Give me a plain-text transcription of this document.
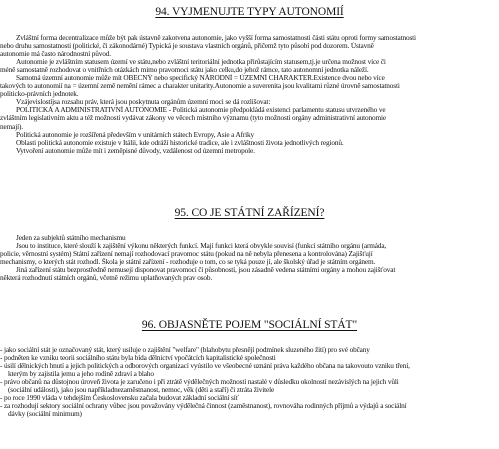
94. VYJMENUJTE TYPY AUTONOMIÍ
Zvláštní forma decentralizace může být pak ústavně zakotvena autonomie, jako vyšší forma samostatnosti části státu oproti formy samostatnosti
nebo druhu samostatnosti (politické, či zákonodárné) Typická je soustava vlastních orgánů, přičemž tyto působí pod dozorem. Ústavně
autonomie má často národnostní původ.
Autonomie je zvláštním statusem území ve státu,nebo zvláštní teritoriální jednotka přirůstajícím statusem,tj.je určena možnost více či
méně samostatně rozhodovat o vnitřních otázkách mimo pravomoci státu jako celku,do jehož rámce, tato autonomní jednotka náleží.
Samotná územní autonomie může mít OBECNÝ nebo specifický NÁRODNÍ = ÚZEMNÍ CHARAKTER.Existence dvou nebo více
takových to autonomií na = územní země nemění rámec a charakter unitarity.Autonomie a suverenita jsou kvalitami různé úrovně samostatnosti
politicko-právních jednotek.
Vzájevislostíjsa rozsahu práv, která jsou poskytnuta orgánům územní moci se dá rozlišovat:
POLITICKÁ A ADMINISTRATIVNÍ AUTONOMIE - Politická autonomie předpokládá existenci parlamentu statusu utvrzeného ve
zvláštním legislativním aktu a též možnosti vydávat zákony ve věcech místního významu (tyto možnosti orgány administrativní autonomie
nemají).
Politická autonomie je rozšířená především v unitárních státech Evropy, Asie a Afriky
Oblasti politická autonomie existuje v Itálii, kde odráží historické tradice, ale i zvláštnosti života jednotlivých regionů.
Vytvoření autonomie může mít i zeměpisné důvody, vzdálenost od územní metropole.
95. CO JE STÁTNÍ ZAŘÍZENÍ?
Jeden za subjektů státního mechanismu
Jsou to instituce, které slouží k zajištění výkonu některých funkcí. Mají funkci která obvykle souvisí (funkcí státního orgánu (armáda,
policie, věrnostní systém) Státní zařízení nemají rozhodovací pravomoc státu (pokud na ně nebyla přenesena a kontrolována) Zajišťují
mechanismy, o kterých stát rozhodl. Škola je státní zařízení - rozhoduje o tom, co se tyká pouze jí, ale školský úřad je státním orgánem.
Jiná zařízení státu bezprostředně nemusejí disponovat pravomocí či působností, jsou zásadně vedena státními orgány a mohou zajišťovat
některá rozhodnutí státních orgánů, včetně režimu uplatňovaných prav osob.
96. OBJASNĚTE POJEM "SOCIÁLNÍ STÁT"
- jako sociální stát je označovaný stát, který usiluje o zajištění "welfare" (blahobytu přesnějí podmínek sluzeného žití) pro své občany
- podněten ke vzniku teorii sociálního státu byla bída dělnictví vpočátcích kapitalistické společnosti
- úsilí dělnických hnutí a jejich politických a odborových organizací vyústilo ve všeobecné uznání práva každého občana na takovouto vzniku tření,
kterým by zajistila jemu a jeho rodině zdraví a blaho
- právo občanů na důstojnou úroveň života je zaručeno i při ztrátě výdělečných možností nastalé v důsledku okolností nezávislých na jejich vůli
(sociální události), jako jsou napříkladnezaměstnanost, nemoc, věk (děti a staří) či ztráta živitele
- po roce 1990 vláda v tehdejším Československu začala budovat základní sociální síť
- za rozhodují sektory sociální ochrany vůbec jsou považovány výdělečná činnost (zaměstnanost), rovnováha rodinných příjmů a výdajů a sociální
dávky (sociální minimum)
